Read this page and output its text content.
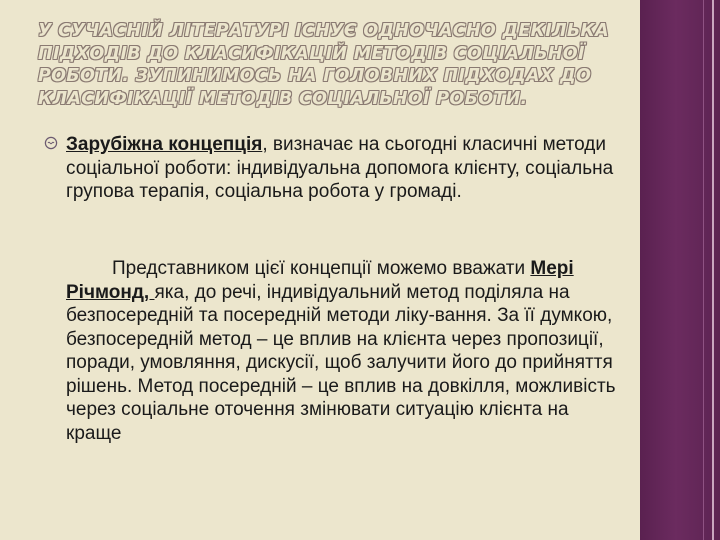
У СУЧАСНІЙ ЛІТЕРАТУРІ ІСНУЄ ОДНОЧАСНО ДЕКІЛЬКА ПІДХОДІВ ДО КЛАСИФІКАЦІЙ МЕТОДІВ СОЦІАЛЬНОЇ РОБОТИ. ЗУПИНИМОСЬ НА ГОЛОВНИХ ПІДХОДАХ ДО КЛАСИФІКАЦІЇ МЕТОДІВ СОЦІАЛЬНОЇ РОБОТИ.
Зарубіжна концепція, визначає на сьогодні класичні методи соціальної роботи: індивідуальна допомога клієнту, соціальна групова терапія, соціальна робота у громаді.
Представником цієї концепції можемо вважати Мері Річмонд, яка, до речі, індивідуальний метод поділяла на безпосередній та посередній методи ліку-вання. За її думкою, безпосередній метод – це вплив на клієнта через пропозиції, поради, умовляння, дискусії, щоб залучити його до прийняття рішень. Метод посередній – це вплив на довкілля, можливість через соціальне оточення змінювати ситуацію клієнта на краще
